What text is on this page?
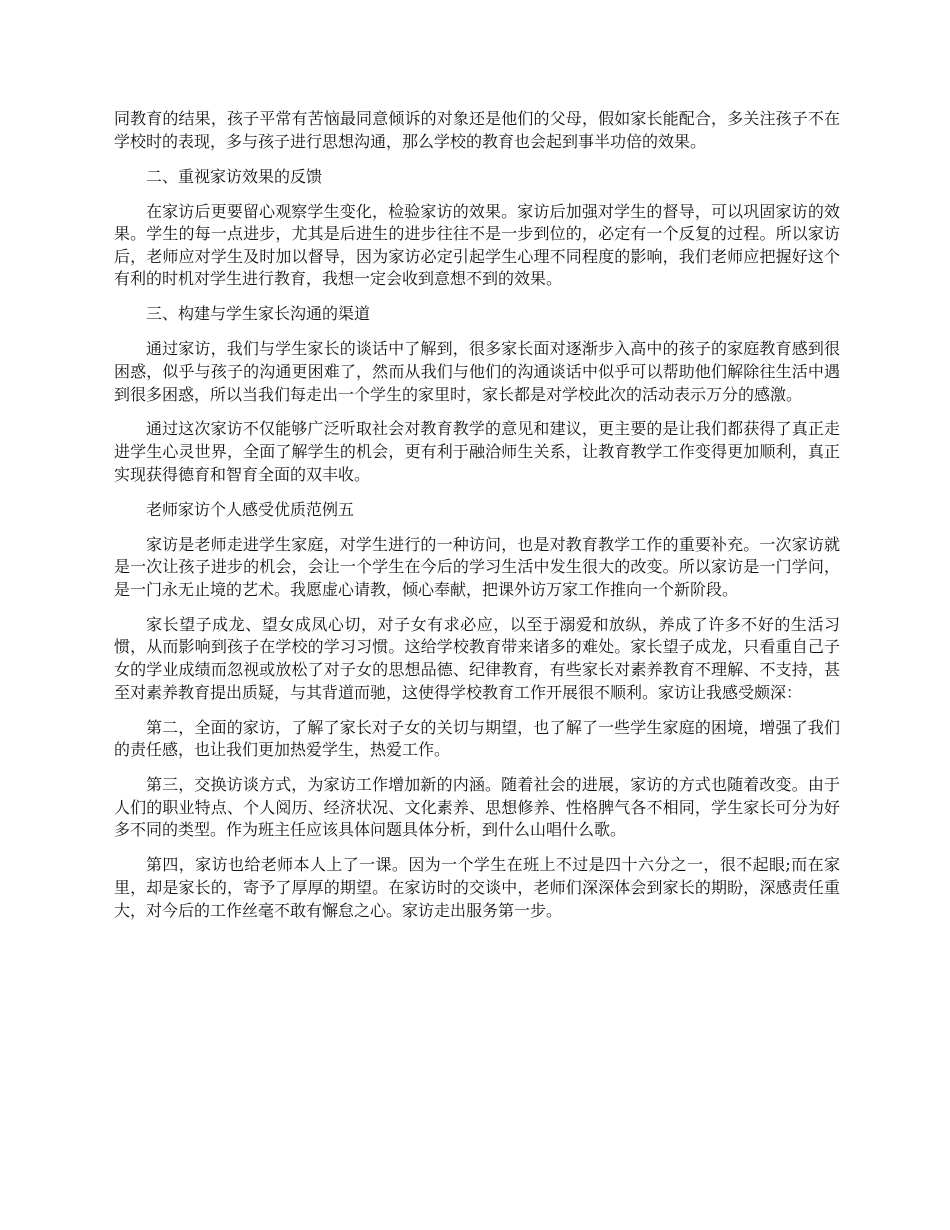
同教育的结果，孩子平常有苦恼最同意倾诉的对象还是他们的父母，假如家长能配合，多关注孩子不在学校时的表现，多与孩子进行思想沟通，那么学校的教育也会起到事半功倍的效果。

二、重视家访效果的反馈

在家访后更要留心观察学生变化，检验家访的效果。家访后加强对学生的督导，可以巩固家访的效果。学生的每一点进步，尤其是后进生的进步往往不是一步到位的，必定有一个反复的过程。所以家访后，老师应对学生及时加以督导，因为家访必定引起学生心理不同程度的影响，我们老师应把握好这个有利的时机对学生进行教育，我想一定会收到意想不到的效果。

三、构建与学生家长沟通的渠道

通过家访，我们与学生家长的谈话中了解到，很多家长面对逐渐步入高中的孩子的家庭教育感到很困惑，似乎与孩子的沟通更困难了，然而从我们与他们的沟通谈话中似乎可以帮助他们解除往生活中遇到很多困惑，所以当我们每走出一个学生的家里时，家长都是对学校此次的活动表示万分的感激。

通过这次家访不仅能够广泛听取社会对教育教学的意见和建议，更主要的是让我们都获得了真正走进学生心灵世界，全面了解学生的机会，更有利于融洽师生关系，让教育教学工作变得更加顺利，真正实现获得德育和智育全面的双丰收。

老师家访个人感受优质范例五

家访是老师走进学生家庭，对学生进行的一种访问，也是对教育教学工作的重要补充。一次家访就是一次让孩子进步的机会，会让一个学生在今后的学习生活中发生很大的改变。所以家访是一门学问，是一门永无止境的艺术。我愿虚心请教，倾心奉献，把课外访万家工作推向一个新阶段。

家长望子成龙、望女成凤心切，对子女有求必应，以至于溺爱和放纵，养成了许多不好的生活习惯，从而影响到孩子在学校的学习习惯。这给学校教育带来诸多的难处。家长望子成龙，只看重自己子女的学业成绩而忽视或放松了对子女的思想品德、纪律教育，有些家长对素养教育不理解、不支持，甚至对素养教育提出质疑，与其背道而驰，这使得学校教育工作开展很不顺利。家访让我感受颇深：

第二，全面的家访，了解了家长对子女的关切与期望，也了解了一些学生家庭的困境，增强了我们的责任感，也让我们更加热爱学生，热爱工作。

第三，交换访谈方式，为家访工作增加新的内涵。随着社会的进展，家访的方式也随着改变。由于人们的职业特点、个人阅历、经济状况、文化素养、思想修养、性格脾气各不相同，学生家长可分为好多不同的类型。作为班主任应该具体问题具体分析，到什么山唱什么歌。

第四，家访也给老师本人上了一课。因为一个学生在班上不过是四十六分之一，很不起眼;而在家里，却是家长的，寄予了厚厚的期望。在家访时的交谈中，老师们深深体会到家长的期盼，深感责任重大，对今后的工作丝毫不敢有懈怠之心。家访走出服务第一步。
